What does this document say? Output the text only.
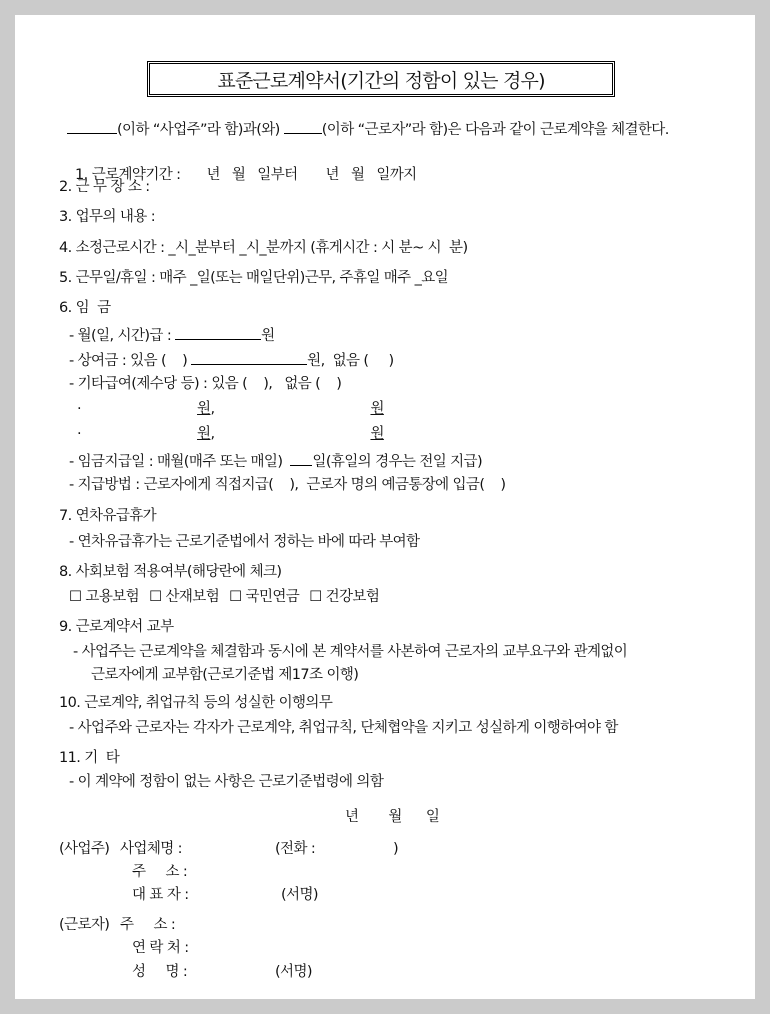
표준근로계약서(기간의 정함이 있는 경우)
(이하 “사업주”라 함)과(와)	(이하 “근로자”라 함)은 다음과 같이 근로계약을 체결한다.

1. 근로계약기간 : 년 월 일부터 년 월 일까지

2. 근 무 장 소 :
3. 업무의 내용 :
4. 소정근로시간 : _시_분부터 _시_분까지 (휴게시간 : 시 분~ 시  분)
5. 근무일/휴일 : 매주 _일(또는 매일단위)근무, 주휴일 매주 _요일
6. 임  금
- 월(일, 시간)급 :	원
- 상여금 : 있음 (    )	원,  없음 (     )
- 기타급여(제수당 등) : 있음 (    ),   없음 (    )
·	원,	원
·	원,	원
- 임금지급일 : 매월(매주 또는 매일)  일(휴일의 경우는 전일 지급)
- 지급방법 : 근로자에게 직접지급(    ),  근로자 명의 예금통장에 입금(    )
7. 연차유급휴가
- 연차유급휴가는 근로기준법에서 정하는 바에 따라 부여함
8. 사회보험 적용여부(해당란에 체크)
☐ 고용보험 ☐ 산재보험 ☐ 국민연금 ☐ 건강보험
9. 근로계약서 교부
- 사업주는 근로계약을 체결함과 동시에 본 계약서를 사본하여 근로자의 교부요구와 관계없이
근로자에게 교부함(근로기준법 제17조 이행)
10. 근로계약, 취업규칙 등의 성실한 이행의무
- 사업주와 근로자는 각자가 근로계약, 취업규칙, 단체협약을 지키고 성실하게 이행하여야 함
11. 기  타
- 이 계약에 정함이 없는 사항은 근로기준법령에 의함
년 월 일
(사업주) 사업체명 :	(전화 :	)
주     소 :
대 표 자 :	(서명)
(근로자) 주     소 :
연 락 처 :
성     명 :	(서명)
